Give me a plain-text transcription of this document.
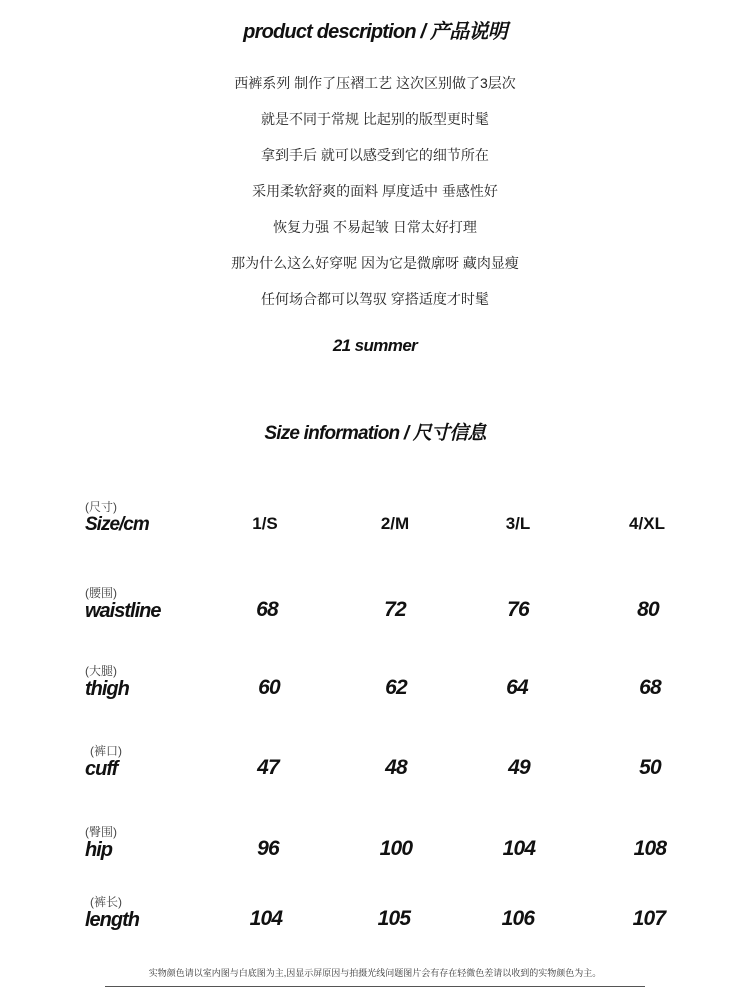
product description / 产品说明
西裤系列 制作了压褶工艺 这次区别做了3层次
就是不同于常规 比起别的版型更时髦
拿到手后 就可以感受到它的细节所在
采用柔软舒爽的面料 厚度适中 垂感性好
恢复力强 不易起皱 日常太好打理
那为什么这么好穿呢 因为它是微廓呀 藏肉显瘦
任何场合都可以驾驭 穿搭适度才时髦
21 summer
Size information / 尺寸信息
(尺寸)
Size/cm	1/S	2/M	3/L	4/XL
(腰围)
waistline	68	72	76	80
(大腿)
thigh	60	62	64	68
(裤口)
cuff	47	48	49	50
(臀围)
hip	96	100	104	108
(裤长)
length	104	105	106	107
实物颜色请以室内图与白底图为主,因显示屏原因与拍摄光线问题图片会有存在轻微色差请以收到的实物颜色为主。
